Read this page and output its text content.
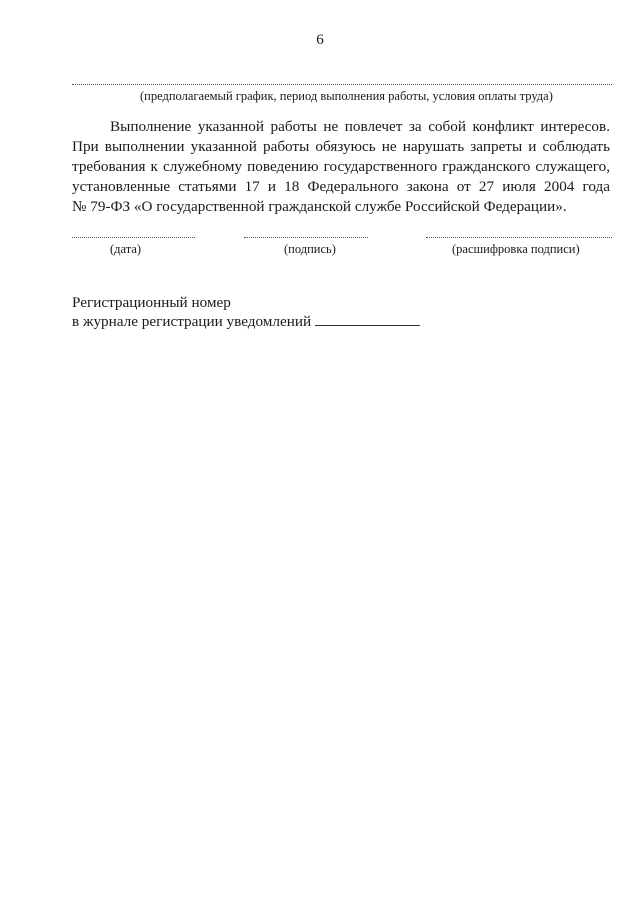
6
(предполагаемый график, период выполнения работы, условия оплаты труда)
Выполнение указанной работы не повлечет за собой конфликт интересов.
При выполнении указанной работы обязуюсь не нарушать запреты и соблюдать
требования к служебному поведению государственного гражданского служащего,
установленные статьями 17 и 18 Федерального закона от 27 июля 2004 года
№ 79-ФЗ «О государственной гражданской службе Российской Федерации».
(дата)	(подпись)	(расшифровка подписи)
Регистрационный номер
в журнале регистрации уведомлений
